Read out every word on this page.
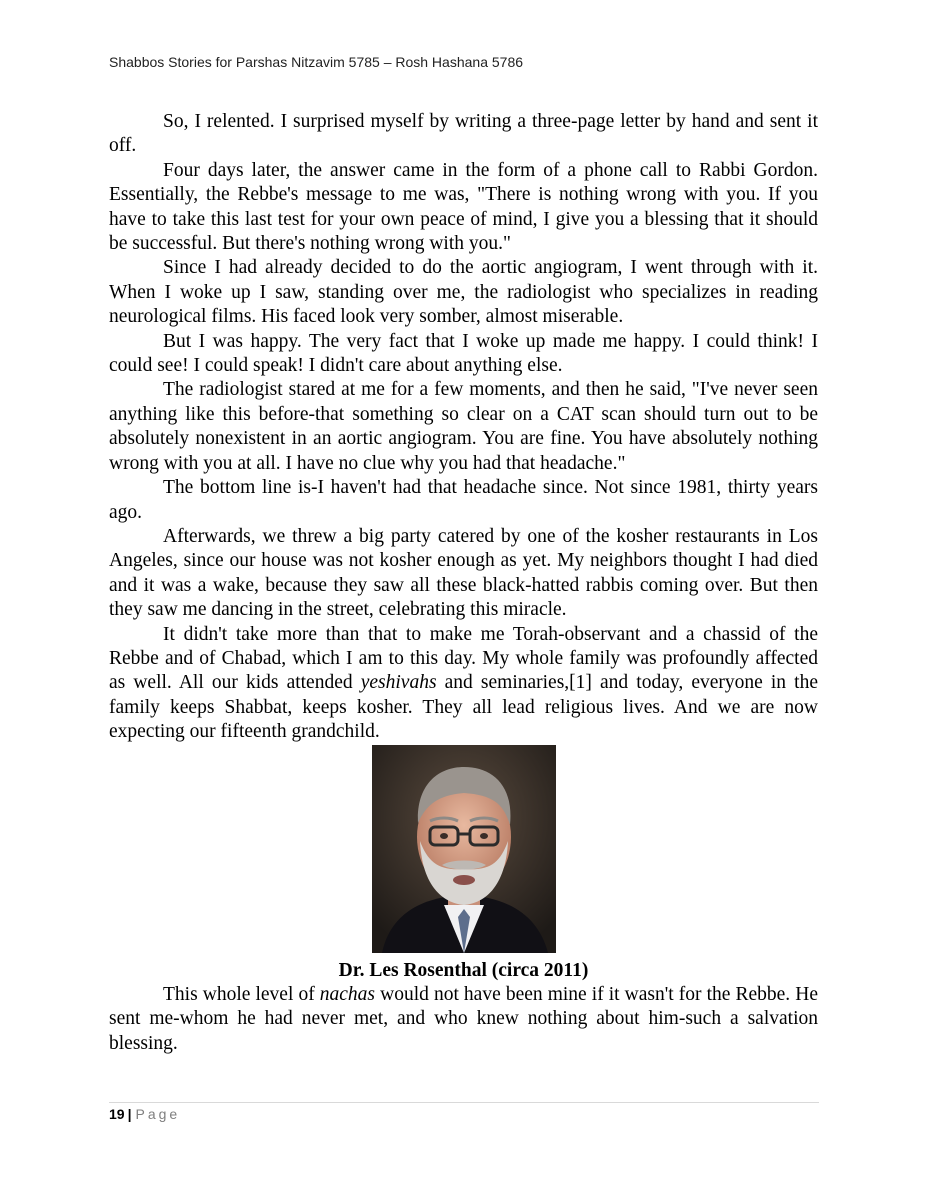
Shabbos Stories for Parshas Nitzavim 5785 – Rosh Hashana 5786

So, I relented. I surprised myself by writing a three-page letter by hand and sent it off.

Four days later, the answer came in the form of a phone call to Rabbi Gordon. Essentially, the Rebbe's message to me was, "There is nothing wrong with you. If you have to take this last test for your own peace of mind, I give you a blessing that it should be successful. But there's nothing wrong with you."

Since I had already decided to do the aortic angiogram, I went through with it. When I woke up I saw, standing over me, the radiologist who specializes in reading neurological films. His faced look very somber, almost miserable.

But I was happy. The very fact that I woke up made me happy. I could think! I could see! I could speak! I didn't care about anything else.

The radiologist stared at me for a few moments, and then he said, "I've never seen anything like this before-that something so clear on a CAT scan should turn out to be absolutely nonexistent in an aortic angiogram. You are fine. You have absolutely nothing wrong with you at all. I have no clue why you had that headache."

The bottom line is-I haven't had that headache since. Not since 1981, thirty years ago.

Afterwards, we threw a big party catered by one of the kosher restaurants in Los Angeles, since our house was not kosher enough as yet. My neighbors thought I had died and it was a wake, because they saw all these black-hatted rabbis coming over. But then they saw me dancing in the street, celebrating this miracle.

It didn't take more than that to make me Torah-observant and a chassid of the Rebbe and of Chabad, which I am to this day. My whole family was profoundly affected as well. All our kids attended yeshivahs and seminaries,[1] and today, everyone in the family keeps Shabbat, keeps kosher. They all lead religious lives. And we are now expecting our fifteenth grandchild.

Dr. Les Rosenthal (circa 2011)

This whole level of nachas would not have been mine if it wasn't for the Rebbe. He sent me-whom he had never met, and who knew nothing about him-such a salvation blessing.

19 | Page
